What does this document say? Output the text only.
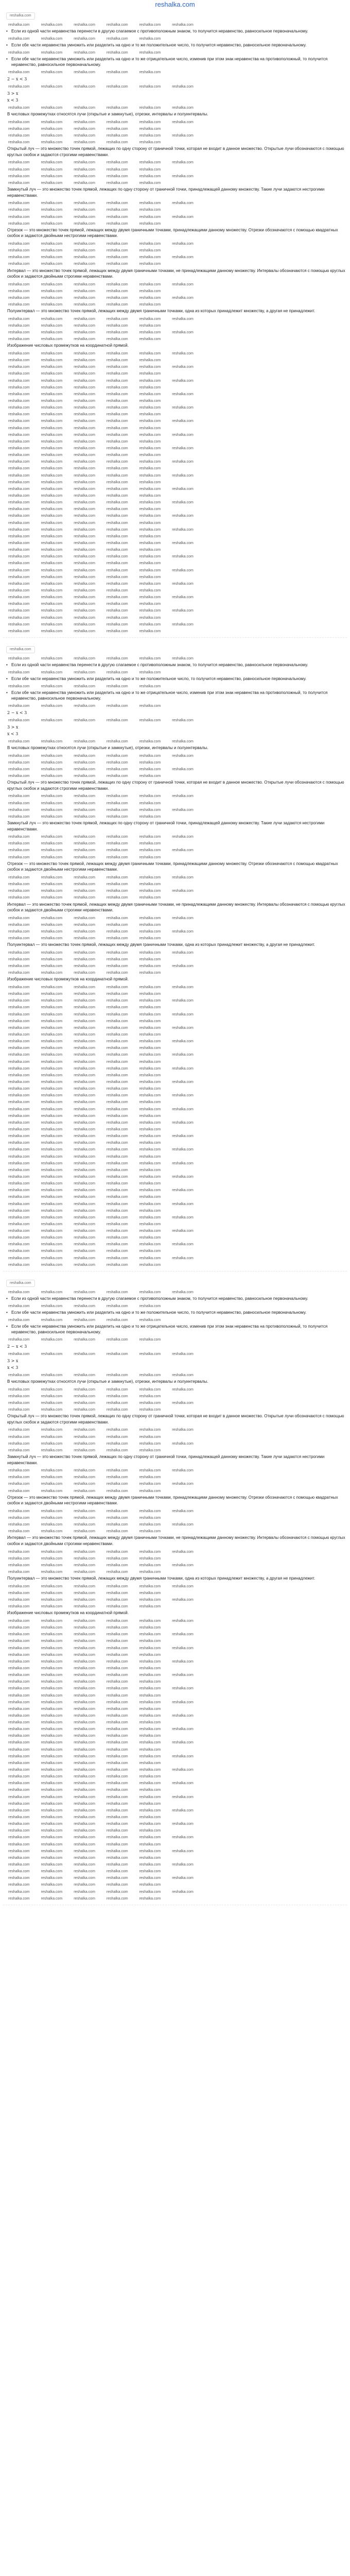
reshalka.com
reshalka.com
reshalka.com	reshalka.com	reshalka.com	reshalka.com	reshalka.com	reshalka.com
• Если из одной части неравенства перенести в другую слагаемое с противоположным знаком, то получится неравенство, равносильное первоначальному.
reshalka.com	reshalka.com	reshalka.com	reshalka.com	reshalka.com
• Если обе части неравенства умножить или разделить на одно и то же положительное число, то получится неравенство, равносильное первоначальному.
reshalka.com	reshalka.com	reshalka.com	reshalka.com	reshalka.com
• Если обе части неравенства умножить или разделить на одно и то же отрицательное число, изменив при этом знак неравенства на противоположный, то получится неравенство, равносильное первоначальному.
reshalka.com	reshalka.com	reshalka.com	reshalka.com	reshalka.com
2 − x < 3
reshalka.com	reshalka.com	reshalka.com	reshalka.com	reshalka.com	reshalka.com
3 > x
x < 3
reshalka.com	reshalka.com	reshalka.com	reshalka.com	reshalka.com	reshalka.com
В числовых промежутках относятся лучи (открытые и замкнутые), отрезки, интервалы и полуинтервалы.
reshalka.com	reshalka.com	reshalka.com	reshalka.com	reshalka.com	reshalka.com
reshalka.com	reshalka.com	reshalka.com	reshalka.com	reshalka.com
reshalka.com	reshalka.com	reshalka.com	reshalka.com	reshalka.com	reshalka.com
reshalka.com	reshalka.com	reshalka.com	reshalka.com	reshalka.com
Открытый луч — это множество точек прямой, лежащих по одну сторону от граничной точки, которая не входит в данное множество. Открытые лучи обозначаются с помощью круглых скобок и задаются строгими неравенствами.
reshalka.com	reshalka.com	reshalka.com	reshalka.com	reshalka.com	reshalka.com
reshalka.com	reshalka.com	reshalka.com	reshalka.com	reshalka.com
reshalka.com	reshalka.com	reshalka.com	reshalka.com	reshalka.com	reshalka.com
reshalka.com	reshalka.com	reshalka.com	reshalka.com	reshalka.com
Замкнутый луч — это множество точек прямой, лежащих по одну сторону от граничной точки, принадлежащей данному множеству. Такие лучи задаются нестрогими неравенствами.
reshalka.com	reshalka.com	reshalka.com	reshalka.com	reshalka.com	reshalka.com
reshalka.com	reshalka.com	reshalka.com	reshalka.com	reshalka.com
reshalka.com	reshalka.com	reshalka.com	reshalka.com	reshalka.com	reshalka.com
reshalka.com	reshalka.com	reshalka.com	reshalka.com	reshalka.com
Отрезок — это множество точек прямой, лежащих между двумя граничными точками, принадлежащими данному множеству. Отрезки обозначаются с помощью квадратных скобок и задаются двойными нестрогими неравенствами.
reshalka.com	reshalka.com	reshalka.com	reshalka.com	reshalka.com	reshalka.com
reshalka.com	reshalka.com	reshalka.com	reshalka.com	reshalka.com
reshalka.com	reshalka.com	reshalka.com	reshalka.com	reshalka.com	reshalka.com
reshalka.com	reshalka.com	reshalka.com	reshalka.com	reshalka.com
Интервал — это множество точек прямой, лежащих между двумя граничными точками, не принадлежащими данному множеству. Интервалы обозначаются с помощью круглых скобок и задаются двойными строгими неравенствами.
reshalka.com	reshalka.com	reshalka.com	reshalka.com	reshalka.com	reshalka.com
reshalka.com	reshalka.com	reshalka.com	reshalka.com	reshalka.com
reshalka.com	reshalka.com	reshalka.com	reshalka.com	reshalka.com	reshalka.com
reshalka.com	reshalka.com	reshalka.com	reshalka.com	reshalka.com
Полуинтервал — это множество точек прямой, лежащих между двумя граничными точками, одна из которых принадлежит множеству, а другая не принадлежит.
reshalka.com	reshalka.com	reshalka.com	reshalka.com	reshalka.com	reshalka.com
reshalka.com	reshalka.com	reshalka.com	reshalka.com	reshalka.com
reshalka.com	reshalka.com	reshalka.com	reshalka.com	reshalka.com	reshalka.com
reshalka.com	reshalka.com	reshalka.com	reshalka.com	reshalka.com
Изображение числовых промежутков на координатной прямой.
reshalka.com	reshalka.com	reshalka.com	reshalka.com	reshalka.com	reshalka.com
reshalka.com	reshalka.com	reshalka.com	reshalka.com	reshalka.com
reshalka.com	reshalka.com	reshalka.com	reshalka.com	reshalka.com	reshalka.com
reshalka.com	reshalka.com	reshalka.com	reshalka.com	reshalka.com
reshalka.com	reshalka.com	reshalka.com	reshalka.com	reshalka.com	reshalka.com
reshalka.com	reshalka.com	reshalka.com	reshalka.com	reshalka.com
reshalka.com	reshalka.com	reshalka.com	reshalka.com	reshalka.com	reshalka.com
reshalka.com	reshalka.com	reshalka.com	reshalka.com	reshalka.com
reshalka.com	reshalka.com	reshalka.com	reshalka.com	reshalka.com	reshalka.com
reshalka.com	reshalka.com	reshalka.com	reshalka.com	reshalka.com
reshalka.com	reshalka.com	reshalka.com	reshalka.com	reshalka.com	reshalka.com
reshalka.com	reshalka.com	reshalka.com	reshalka.com	reshalka.com
reshalka.com	reshalka.com	reshalka.com	reshalka.com	reshalka.com	reshalka.com
reshalka.com	reshalka.com	reshalka.com	reshalka.com	reshalka.com
reshalka.com	reshalka.com	reshalka.com	reshalka.com	reshalka.com	reshalka.com
reshalka.com	reshalka.com	reshalka.com	reshalka.com	reshalka.com
reshalka.com	reshalka.com	reshalka.com	reshalka.com	reshalka.com	reshalka.com
reshalka.com	reshalka.com	reshalka.com	reshalka.com	reshalka.com
reshalka.com	reshalka.com	reshalka.com	reshalka.com	reshalka.com	reshalka.com
reshalka.com	reshalka.com	reshalka.com	reshalka.com	reshalka.com
reshalka.com	reshalka.com	reshalka.com	reshalka.com	reshalka.com	reshalka.com
reshalka.com	reshalka.com	reshalka.com	reshalka.com	reshalka.com
reshalka.com	reshalka.com	reshalka.com	reshalka.com	reshalka.com	reshalka.com
reshalka.com	reshalka.com	reshalka.com	reshalka.com	reshalka.com
reshalka.com	reshalka.com	reshalka.com	reshalka.com	reshalka.com	reshalka.com
reshalka.com	reshalka.com	reshalka.com	reshalka.com	reshalka.com
reshalka.com	reshalka.com	reshalka.com	reshalka.com	reshalka.com	reshalka.com
reshalka.com	reshalka.com	reshalka.com	reshalka.com	reshalka.com
reshalka.com	reshalka.com	reshalka.com	reshalka.com	reshalka.com	reshalka.com
reshalka.com	reshalka.com	reshalka.com	reshalka.com	reshalka.com
reshalka.com	reshalka.com	reshalka.com	reshalka.com	reshalka.com	reshalka.com
reshalka.com	reshalka.com	reshalka.com	reshalka.com	reshalka.com
reshalka.com	reshalka.com	reshalka.com	reshalka.com	reshalka.com	reshalka.com
reshalka.com	reshalka.com	reshalka.com	reshalka.com	reshalka.com
reshalka.com	reshalka.com	reshalka.com	reshalka.com	reshalka.com	reshalka.com
reshalka.com	reshalka.com	reshalka.com	reshalka.com	reshalka.com
reshalka.com	reshalka.com	reshalka.com	reshalka.com	reshalka.com	reshalka.com
reshalka.com	reshalka.com	reshalka.com	reshalka.com	reshalka.com
reshalka.com	reshalka.com	reshalka.com	reshalka.com	reshalka.com	reshalka.com
reshalka.com	reshalka.com	reshalka.com	reshalka.com	reshalka.com
reshalka.com	reshalka.com	reshalka.com	reshalka.com	reshalka.com	reshalka.com
reshalka.com	reshalka.com	reshalka.com	reshalka.com	reshalka.com
reshalka.com
reshalka.com	reshalka.com	reshalka.com	reshalka.com	reshalka.com	reshalka.com
• Если из одной части неравенства перенести в другую слагаемое с противоположным знаком, то получится неравенство, равносильное первоначальному.
reshalka.com	reshalka.com	reshalka.com	reshalka.com	reshalka.com
• Если обе части неравенства умножить или разделить на одно и то же положительное число, то получится неравенство, равносильное первоначальному.
reshalka.com	reshalka.com	reshalka.com	reshalka.com	reshalka.com
• Если обе части неравенства умножить или разделить на одно и то же отрицательное число, изменив при этом знак неравенства на противоположный, то получится неравенство, равносильное первоначальному.
reshalka.com	reshalka.com	reshalka.com	reshalka.com	reshalka.com
2 − x < 3
reshalka.com	reshalka.com	reshalka.com	reshalka.com	reshalka.com	reshalka.com
3 > x
x < 3
reshalka.com	reshalka.com	reshalka.com	reshalka.com	reshalka.com	reshalka.com
В числовых промежутках относятся лучи (открытые и замкнутые), отрезки, интервалы и полуинтервалы.
reshalka.com	reshalka.com	reshalka.com	reshalka.com	reshalka.com	reshalka.com
reshalka.com	reshalka.com	reshalka.com	reshalka.com	reshalka.com
reshalka.com	reshalka.com	reshalka.com	reshalka.com	reshalka.com	reshalka.com
reshalka.com	reshalka.com	reshalka.com	reshalka.com	reshalka.com
Открытый луч — это множество точек прямой, лежащих по одну сторону от граничной точки, которая не входит в данное множество. Открытые лучи обозначаются с помощью круглых скобок и задаются строгими неравенствами.
reshalka.com	reshalka.com	reshalka.com	reshalka.com	reshalka.com	reshalka.com
reshalka.com	reshalka.com	reshalka.com	reshalka.com	reshalka.com
reshalka.com	reshalka.com	reshalka.com	reshalka.com	reshalka.com	reshalka.com
reshalka.com	reshalka.com	reshalka.com	reshalka.com	reshalka.com
Замкнутый луч — это множество точек прямой, лежащих по одну сторону от граничной точки, принадлежащей данному множеству. Такие лучи задаются нестрогими неравенствами.
reshalka.com	reshalka.com	reshalka.com	reshalka.com	reshalka.com	reshalka.com
reshalka.com	reshalka.com	reshalka.com	reshalka.com	reshalka.com
reshalka.com	reshalka.com	reshalka.com	reshalka.com	reshalka.com	reshalka.com
reshalka.com	reshalka.com	reshalka.com	reshalka.com	reshalka.com
Отрезок — это множество точек прямой, лежащих между двумя граничными точками, принадлежащими данному множеству. Отрезки обозначаются с помощью квадратных скобок и задаются двойными нестрогими неравенствами.
reshalka.com	reshalka.com	reshalka.com	reshalka.com	reshalka.com	reshalka.com
reshalka.com	reshalka.com	reshalka.com	reshalka.com	reshalka.com
reshalka.com	reshalka.com	reshalka.com	reshalka.com	reshalka.com	reshalka.com
reshalka.com	reshalka.com	reshalka.com	reshalka.com	reshalka.com
Интервал — это множество точек прямой, лежащих между двумя граничными точками, не принадлежащими данному множеству. Интервалы обозначаются с помощью круглых скобок и задаются двойными строгими неравенствами.
reshalka.com	reshalka.com	reshalka.com	reshalka.com	reshalka.com	reshalka.com
reshalka.com	reshalka.com	reshalka.com	reshalka.com	reshalka.com
reshalka.com	reshalka.com	reshalka.com	reshalka.com	reshalka.com	reshalka.com
reshalka.com	reshalka.com	reshalka.com	reshalka.com	reshalka.com
Полуинтервал — это множество точек прямой, лежащих между двумя граничными точками, одна из которых принадлежит множеству, а другая не принадлежит.
reshalka.com	reshalka.com	reshalka.com	reshalka.com	reshalka.com	reshalka.com
reshalka.com	reshalka.com	reshalka.com	reshalka.com	reshalka.com
reshalka.com	reshalka.com	reshalka.com	reshalka.com	reshalka.com	reshalka.com
reshalka.com	reshalka.com	reshalka.com	reshalka.com	reshalka.com
Изображение числовых промежутков на координатной прямой.
reshalka.com	reshalka.com	reshalka.com	reshalka.com	reshalka.com	reshalka.com
reshalka.com	reshalka.com	reshalka.com	reshalka.com	reshalka.com
reshalka.com	reshalka.com	reshalka.com	reshalka.com	reshalka.com	reshalka.com
reshalka.com	reshalka.com	reshalka.com	reshalka.com	reshalka.com
reshalka.com	reshalka.com	reshalka.com	reshalka.com	reshalka.com	reshalka.com
reshalka.com	reshalka.com	reshalka.com	reshalka.com	reshalka.com
reshalka.com	reshalka.com	reshalka.com	reshalka.com	reshalka.com	reshalka.com
reshalka.com	reshalka.com	reshalka.com	reshalka.com	reshalka.com
reshalka.com	reshalka.com	reshalka.com	reshalka.com	reshalka.com	reshalka.com
reshalka.com	reshalka.com	reshalka.com	reshalka.com	reshalka.com
reshalka.com	reshalka.com	reshalka.com	reshalka.com	reshalka.com	reshalka.com
reshalka.com	reshalka.com	reshalka.com	reshalka.com	reshalka.com
reshalka.com	reshalka.com	reshalka.com	reshalka.com	reshalka.com	reshalka.com
reshalka.com	reshalka.com	reshalka.com	reshalka.com	reshalka.com
reshalka.com	reshalka.com	reshalka.com	reshalka.com	reshalka.com	reshalka.com
reshalka.com	reshalka.com	reshalka.com	reshalka.com	reshalka.com
reshalka.com	reshalka.com	reshalka.com	reshalka.com	reshalka.com	reshalka.com
reshalka.com	reshalka.com	reshalka.com	reshalka.com	reshalka.com
reshalka.com	reshalka.com	reshalka.com	reshalka.com	reshalka.com	reshalka.com
reshalka.com	reshalka.com	reshalka.com	reshalka.com	reshalka.com
reshalka.com	reshalka.com	reshalka.com	reshalka.com	reshalka.com	reshalka.com
reshalka.com	reshalka.com	reshalka.com	reshalka.com	reshalka.com
reshalka.com	reshalka.com	reshalka.com	reshalka.com	reshalka.com	reshalka.com
reshalka.com	reshalka.com	reshalka.com	reshalka.com	reshalka.com
reshalka.com	reshalka.com	reshalka.com	reshalka.com	reshalka.com	reshalka.com
reshalka.com	reshalka.com	reshalka.com	reshalka.com	reshalka.com
reshalka.com	reshalka.com	reshalka.com	reshalka.com	reshalka.com	reshalka.com
reshalka.com	reshalka.com	reshalka.com	reshalka.com	reshalka.com
reshalka.com	reshalka.com	reshalka.com	reshalka.com	reshalka.com	reshalka.com
reshalka.com	reshalka.com	reshalka.com	reshalka.com	reshalka.com
reshalka.com	reshalka.com	reshalka.com	reshalka.com	reshalka.com	reshalka.com
reshalka.com	reshalka.com	reshalka.com	reshalka.com	reshalka.com
reshalka.com	reshalka.com	reshalka.com	reshalka.com	reshalka.com	reshalka.com
reshalka.com	reshalka.com	reshalka.com	reshalka.com	reshalka.com
reshalka.com	reshalka.com	reshalka.com	reshalka.com	reshalka.com	reshalka.com
reshalka.com	reshalka.com	reshalka.com	reshalka.com	reshalka.com
reshalka.com	reshalka.com	reshalka.com	reshalka.com	reshalka.com	reshalka.com
reshalka.com	reshalka.com	reshalka.com	reshalka.com	reshalka.com
reshalka.com	reshalka.com	reshalka.com	reshalka.com	reshalka.com	reshalka.com
reshalka.com	reshalka.com	reshalka.com	reshalka.com	reshalka.com
reshalka.com	reshalka.com	reshalka.com	reshalka.com	reshalka.com	reshalka.com
reshalka.com	reshalka.com	reshalka.com	reshalka.com	reshalka.com
reshalka.com
reshalka.com	reshalka.com	reshalka.com	reshalka.com	reshalka.com	reshalka.com
• Если из одной части неравенства перенести в другую слагаемое с противоположным знаком, то получится неравенство, равносильное первоначальному.
reshalka.com	reshalka.com	reshalka.com	reshalka.com	reshalka.com
• Если обе части неравенства умножить или разделить на одно и то же положительное число, то получится неравенство, равносильное первоначальному.
reshalka.com	reshalka.com	reshalka.com	reshalka.com	reshalka.com
• Если обе части неравенства умножить или разделить на одно и то же отрицательное число, изменив при этом знак неравенства на противоположный, то получится неравенство, равносильное первоначальному.
reshalka.com	reshalka.com	reshalka.com	reshalka.com	reshalka.com
2 − x < 3
reshalka.com	reshalka.com	reshalka.com	reshalka.com	reshalka.com	reshalka.com
3 > x
x < 3
reshalka.com	reshalka.com	reshalka.com	reshalka.com	reshalka.com	reshalka.com
В числовых промежутках относятся лучи (открытые и замкнутые), отрезки, интервалы и полуинтервалы.
reshalka.com	reshalka.com	reshalka.com	reshalka.com	reshalka.com	reshalka.com
reshalka.com	reshalka.com	reshalka.com	reshalka.com	reshalka.com
reshalka.com	reshalka.com	reshalka.com	reshalka.com	reshalka.com	reshalka.com
reshalka.com	reshalka.com	reshalka.com	reshalka.com	reshalka.com
Открытый луч — это множество точек прямой, лежащих по одну сторону от граничной точки, которая не входит в данное множество. Открытые лучи обозначаются с помощью круглых скобок и задаются строгими неравенствами.
reshalka.com	reshalka.com	reshalka.com	reshalka.com	reshalka.com	reshalka.com
reshalka.com	reshalka.com	reshalka.com	reshalka.com	reshalka.com
reshalka.com	reshalka.com	reshalka.com	reshalka.com	reshalka.com	reshalka.com
reshalka.com	reshalka.com	reshalka.com	reshalka.com	reshalka.com
Замкнутый луч — это множество точек прямой, лежащих по одну сторону от граничной точки, принадлежащей данному множеству. Такие лучи задаются нестрогими неравенствами.
reshalka.com	reshalka.com	reshalka.com	reshalka.com	reshalka.com	reshalka.com
reshalka.com	reshalka.com	reshalka.com	reshalka.com	reshalka.com
reshalka.com	reshalka.com	reshalka.com	reshalka.com	reshalka.com	reshalka.com
reshalka.com	reshalka.com	reshalka.com	reshalka.com	reshalka.com
Отрезок — это множество точек прямой, лежащих между двумя граничными точками, принадлежащими данному множеству. Отрезки обозначаются с помощью квадратных скобок и задаются двойными нестрогими неравенствами.
reshalka.com	reshalka.com	reshalka.com	reshalka.com	reshalka.com	reshalka.com
reshalka.com	reshalka.com	reshalka.com	reshalka.com	reshalka.com
reshalka.com	reshalka.com	reshalka.com	reshalka.com	reshalka.com	reshalka.com
reshalka.com	reshalka.com	reshalka.com	reshalka.com	reshalka.com
Интервал — это множество точек прямой, лежащих между двумя граничными точками, не принадлежащими данному множеству. Интервалы обозначаются с помощью круглых скобок и задаются двойными строгими неравенствами.
reshalka.com	reshalka.com	reshalka.com	reshalka.com	reshalka.com	reshalka.com
reshalka.com	reshalka.com	reshalka.com	reshalka.com	reshalka.com
reshalka.com	reshalka.com	reshalka.com	reshalka.com	reshalka.com	reshalka.com
reshalka.com	reshalka.com	reshalka.com	reshalka.com	reshalka.com
Полуинтервал — это множество точек прямой, лежащих между двумя граничными точками, одна из которых принадлежит множеству, а другая не принадлежит.
reshalka.com	reshalka.com	reshalka.com	reshalka.com	reshalka.com	reshalka.com
reshalka.com	reshalka.com	reshalka.com	reshalka.com	reshalka.com
reshalka.com	reshalka.com	reshalka.com	reshalka.com	reshalka.com	reshalka.com
reshalka.com	reshalka.com	reshalka.com	reshalka.com	reshalka.com
Изображение числовых промежутков на координатной прямой.
reshalka.com	reshalka.com	reshalka.com	reshalka.com	reshalka.com	reshalka.com
reshalka.com	reshalka.com	reshalka.com	reshalka.com	reshalka.com
reshalka.com	reshalka.com	reshalka.com	reshalka.com	reshalka.com	reshalka.com
reshalka.com	reshalka.com	reshalka.com	reshalka.com	reshalka.com
reshalka.com	reshalka.com	reshalka.com	reshalka.com	reshalka.com	reshalka.com
reshalka.com	reshalka.com	reshalka.com	reshalka.com	reshalka.com
reshalka.com	reshalka.com	reshalka.com	reshalka.com	reshalka.com	reshalka.com
reshalka.com	reshalka.com	reshalka.com	reshalka.com	reshalka.com
reshalka.com	reshalka.com	reshalka.com	reshalka.com	reshalka.com	reshalka.com
reshalka.com	reshalka.com	reshalka.com	reshalka.com	reshalka.com
reshalka.com	reshalka.com	reshalka.com	reshalka.com	reshalka.com	reshalka.com
reshalka.com	reshalka.com	reshalka.com	reshalka.com	reshalka.com
reshalka.com	reshalka.com	reshalka.com	reshalka.com	reshalka.com	reshalka.com
reshalka.com	reshalka.com	reshalka.com	reshalka.com	reshalka.com
reshalka.com	reshalka.com	reshalka.com	reshalka.com	reshalka.com	reshalka.com
reshalka.com	reshalka.com	reshalka.com	reshalka.com	reshalka.com
reshalka.com	reshalka.com	reshalka.com	reshalka.com	reshalka.com	reshalka.com
reshalka.com	reshalka.com	reshalka.com	reshalka.com	reshalka.com
reshalka.com	reshalka.com	reshalka.com	reshalka.com	reshalka.com	reshalka.com
reshalka.com	reshalka.com	reshalka.com	reshalka.com	reshalka.com
reshalka.com	reshalka.com	reshalka.com	reshalka.com	reshalka.com	reshalka.com
reshalka.com	reshalka.com	reshalka.com	reshalka.com	reshalka.com
reshalka.com	reshalka.com	reshalka.com	reshalka.com	reshalka.com	reshalka.com
reshalka.com	reshalka.com	reshalka.com	reshalka.com	reshalka.com
reshalka.com	reshalka.com	reshalka.com	reshalka.com	reshalka.com	reshalka.com
reshalka.com	reshalka.com	reshalka.com	reshalka.com	reshalka.com
reshalka.com	reshalka.com	reshalka.com	reshalka.com	reshalka.com	reshalka.com
reshalka.com	reshalka.com	reshalka.com	reshalka.com	reshalka.com
reshalka.com	reshalka.com	reshalka.com	reshalka.com	reshalka.com	reshalka.com
reshalka.com	reshalka.com	reshalka.com	reshalka.com	reshalka.com
reshalka.com	reshalka.com	reshalka.com	reshalka.com	reshalka.com	reshalka.com
reshalka.com	reshalka.com	reshalka.com	reshalka.com	reshalka.com
reshalka.com	reshalka.com	reshalka.com	reshalka.com	reshalka.com	reshalka.com
reshalka.com	reshalka.com	reshalka.com	reshalka.com	reshalka.com
reshalka.com	reshalka.com	reshalka.com	reshalka.com	reshalka.com	reshalka.com
reshalka.com	reshalka.com	reshalka.com	reshalka.com	reshalka.com
reshalka.com	reshalka.com	reshalka.com	reshalka.com	reshalka.com	reshalka.com
reshalka.com	reshalka.com	reshalka.com	reshalka.com	reshalka.com
reshalka.com	reshalka.com	reshalka.com	reshalka.com	reshalka.com	reshalka.com
reshalka.com	reshalka.com	reshalka.com	reshalka.com	reshalka.com
reshalka.com	reshalka.com	reshalka.com	reshalka.com	reshalka.com	reshalka.com
reshalka.com	reshalka.com	reshalka.com	reshalka.com	reshalka.com
